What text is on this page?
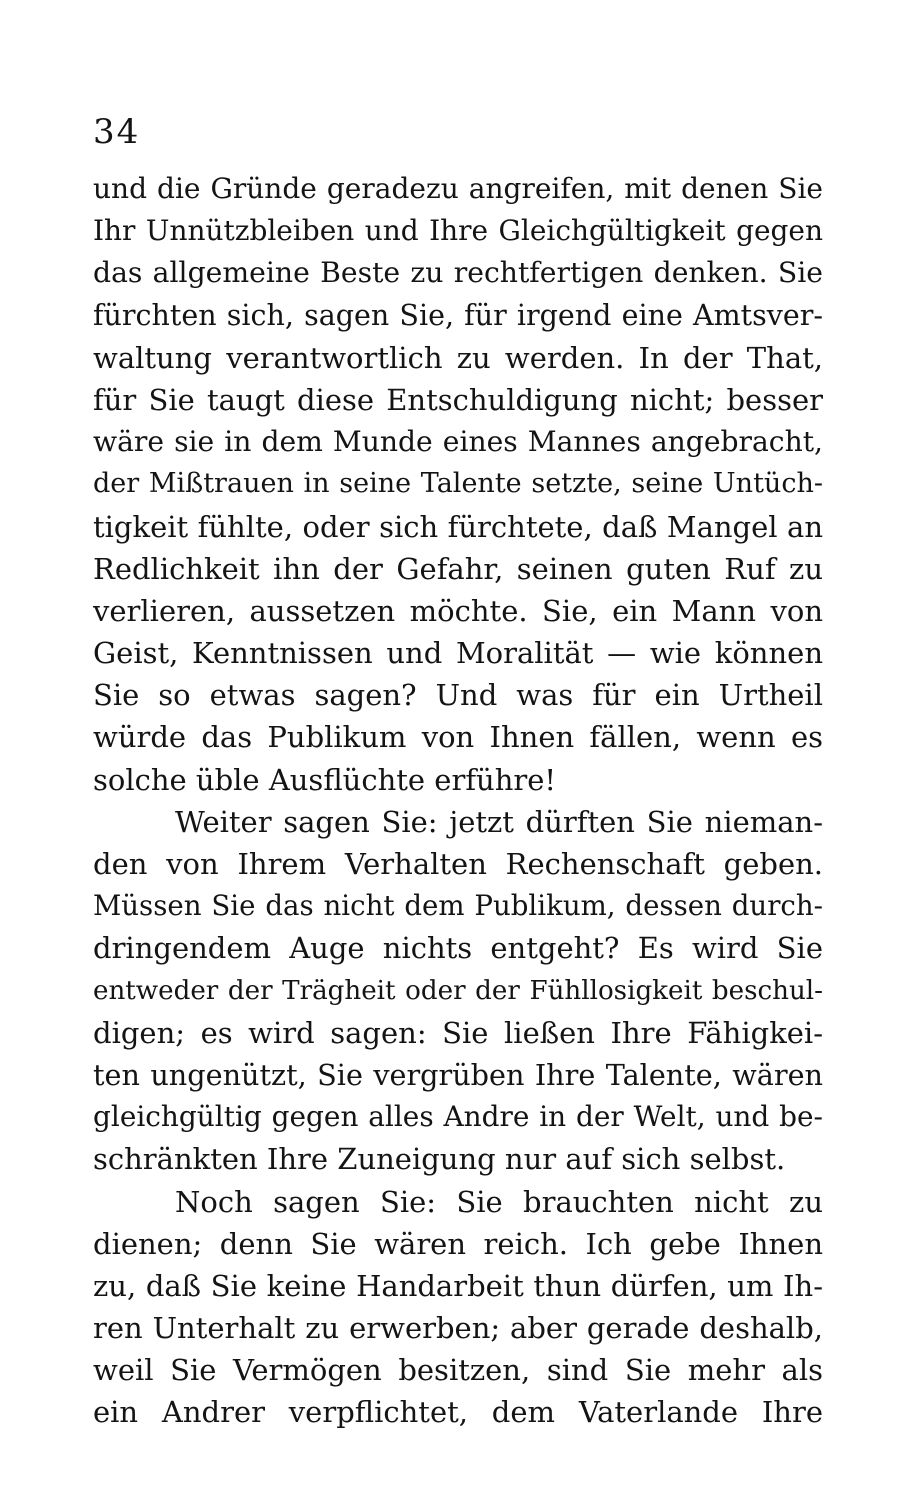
34
und die Gründe geradezu angreifen, mit denen Sie
Ihr Unnützbleiben und Ihre Gleichgültigkeit gegen
das allgemeine Beste zu rechtfertigen denken. Sie
fürchten sich, sagen Sie, für irgend eine Amtsver-
waltung verantwortlich zu werden. In der That,
für Sie taugt diese Entschuldigung nicht; besser
wäre sie in dem Munde eines Mannes angebracht,
der Mißtrauen in seine Talente setzte, seine Untüch-
tigkeit fühlte, oder sich fürchtete, daß Mangel an
Redlichkeit ihn der Gefahr, seinen guten Ruf zu
verlieren, aussetzen möchte. Sie, ein Mann von
Geist, Kenntnissen und Moralität — wie können
Sie so etwas sagen? Und was für ein Urtheil
würde das Publikum von Ihnen fällen, wenn es
solche üble Ausflüchte erführe!
Weiter sagen Sie: jetzt dürften Sie nieman-
den von Ihrem Verhalten Rechenschaft geben.
Müssen Sie das nicht dem Publikum, dessen durch-
dringendem Auge nichts entgeht? Es wird Sie
entweder der Trägheit oder der Fühllosigkeit beschul-
digen; es wird sagen: Sie ließen Ihre Fähigkei-
ten ungenützt, Sie vergrüben Ihre Talente, wären
gleichgültig gegen alles Andre in der Welt, und be-
schränkten Ihre Zuneigung nur auf sich selbst.
Noch sagen Sie: Sie brauchten nicht zu
dienen; denn Sie wären reich. Ich gebe Ihnen
zu, daß Sie keine Handarbeit thun dürfen, um Ih-
ren Unterhalt zu erwerben; aber gerade deshalb,
weil Sie Vermögen besitzen, sind Sie mehr als
ein Andrer verpflichtet, dem Vaterlande Ihre
